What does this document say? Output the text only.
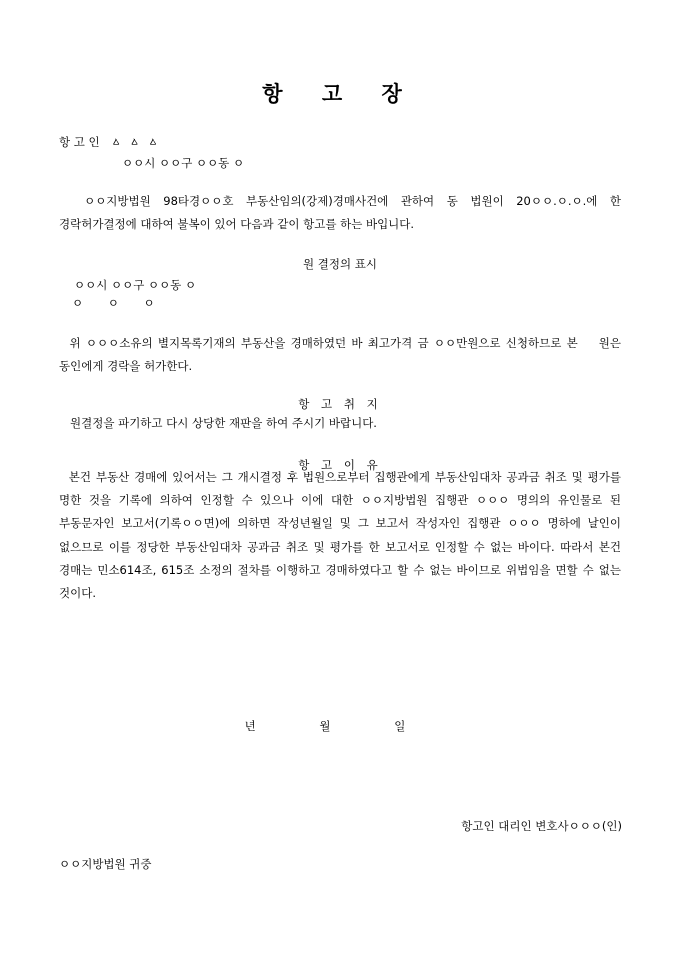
항 고 장
항 고 인   ㅿ  ㅿ  ㅿ
ㅇㅇ시 ㅇㅇ구 ㅇㅇ동 ㅇ
ㅇㅇ지방법원 98타경ㅇㅇ호 부동산임의(강제)경매사건에 관하여 동 법원이 20ㅇㅇ.ㅇ.ㅇ.에 한 경락허가결정에 대하여 불복이 있어 다음과 같이 항고를 하는 바입니다.
원 결정의 표시
ㅇㅇ시 ㅇㅇ구 ㅇㅇ동 ㅇ
ㅇ    ㅇ    ㅇ
위 ㅇㅇㅇ소유의 별지목록기재의 부동산을 경매하였던 바 최고가격 금 ㅇㅇ만원으로 신청하므로 본    원은 동인에게 경락을 허가한다.
항 고 취 지
원결정을 파기하고 다시 상당한 재판을 하여 주시기 바랍니다.
항 고 이 유
본건 부동산 경매에 있어서는 그 개시결정 후 법원으로부터 집행관에게 부동산임대차 공과금 취조 및 평가를 명한 것을 기록에 의하여 인정할 수 있으나 이에 대한 ㅇㅇ지방법원 집행관 ㅇㅇㅇ 명의의 유인물로 된 부동문자인 보고서(기록ㅇㅇ면)에 의하면 작성년월일 및 그 보고서 작성자인 집행관 ㅇㅇㅇ 명하에 날인이 없으므로 이를 정당한 부동산임대차 공과금 취조 및 평가를 한 보고서로 인정할 수 없는 바이다. 따라서 본건 경매는 민소614조, 615조 소정의 절차를 이행하고 경매하였다고 할 수 없는 바이므로 위법임을 면할 수 없는 것이다.
년 월 일
항고인 대리인 변호사ㅇㅇㅇ(인)
ㅇㅇ지방법원 귀중
